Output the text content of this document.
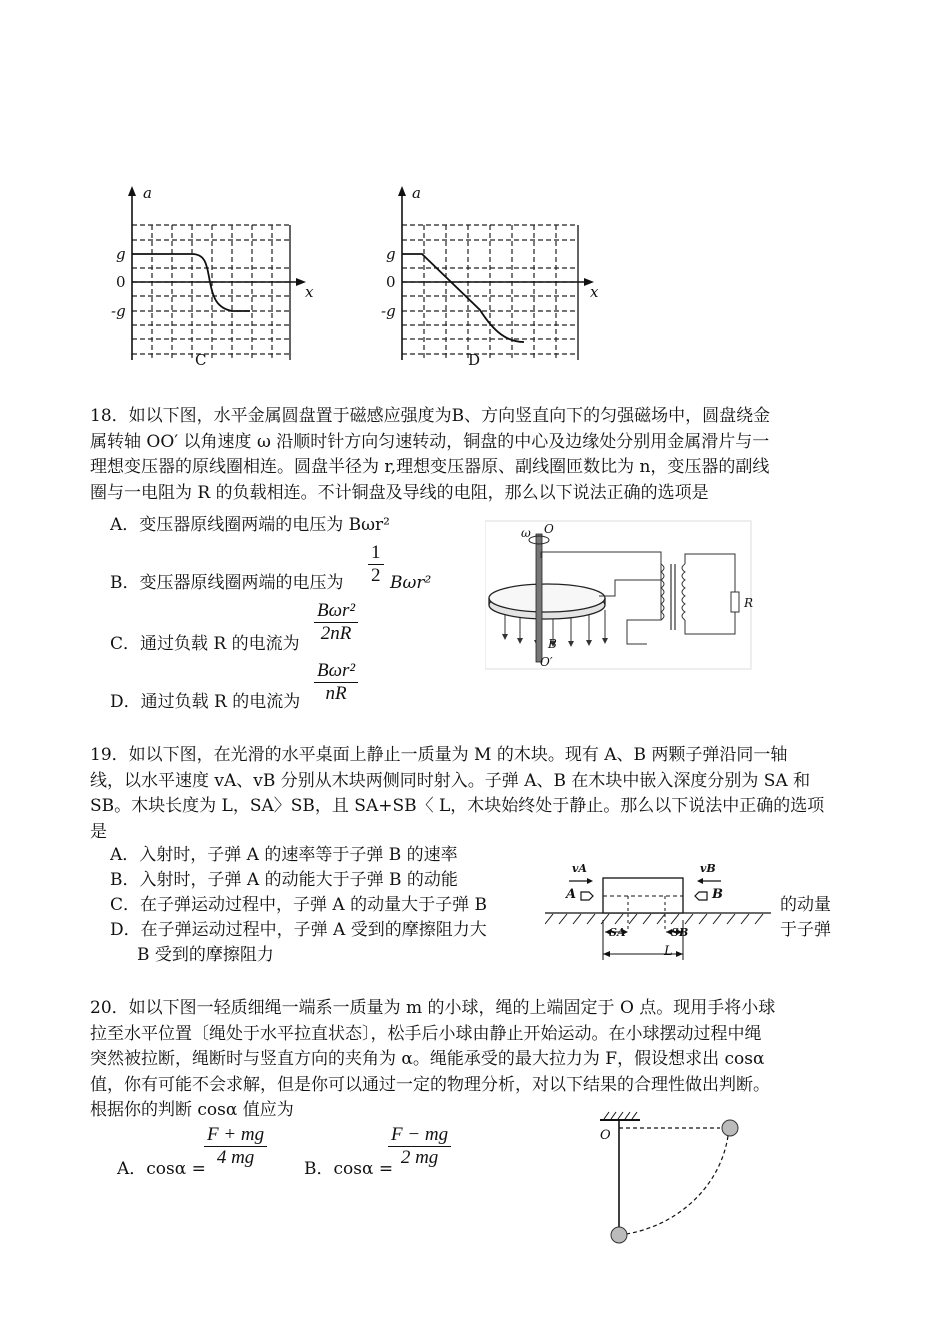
a
x
g
0
-g
C
a
x
g
0
-g
D
18．如以下图，水平金属圆盘置于磁感应强度为B、方向竖直向下的匀强磁场中，圆盘绕金
属转轴 OO′ 以角速度 ω 沿顺时针方向匀速转动，铜盘的中心及边缘处分别用金属滑片与一
理想变压器的原线圈相连。圆盘半径为 r,理想变压器原、副线圈匝数比为 n，变压器的副线
圈与一电阻为 R 的负载相连。不计铜盘及导线的电阻，那么以下说法正确的选项是
A．变压器原线圈两端的电压为 Bωr²
B．变压器原线圈两端的电压为
1
2 Bωr²
C．通过负载 R 的电流为
Bωr²
2nR
D．通过负载 R 的电流为
Bωr²
nR
ω O
B
O′
R
19．如以下图，在光滑的水平桌面上静止一质量为 M 的木块。现有 A、B 两颗子弹沿同一轴
线，以水平速度 vA、vB 分别从木块两侧同时射入。子弹 A、B 在木块中嵌入深度分别为 SA 和
SB。木块长度为 L，SA〉SB，且 SA+SB〈 L，木块始终处于静止。那么以下说法中正确的选项
是
A．入射时，子弹 A 的速率等于子弹 B 的速率
B．入射时，子弹 A 的动能大于子弹 B 的动能
C．在子弹运动过程中，子弹 A 的动量大于子弹 B	的动量
D．在子弹运动过程中，子弹 A 受到的摩擦阻力大	于子弹
B 受到的摩擦阻力
vA	vB
A	B
SA	SB
L
20．如以下图一轻质细绳一端系一质量为 m 的小球，绳的上端固定于 O 点。现用手将小球
拉至水平位置〔绳处于水平拉直状态〕，松手后小球由静止开始运动。在小球摆动过程中绳
突然被拉断，绳断时与竖直方向的夹角为 α。绳能承受的最大拉力为 F，假设想求出 cosα
值，你有可能不会求解，但是你可以通过一定的物理分析，对以下结果的合理性做出判断。
根据你的判断 cosα 值应为
A．cosα =
F + mg
4 mg
B．cosα =
F − mg
2 mg
O
